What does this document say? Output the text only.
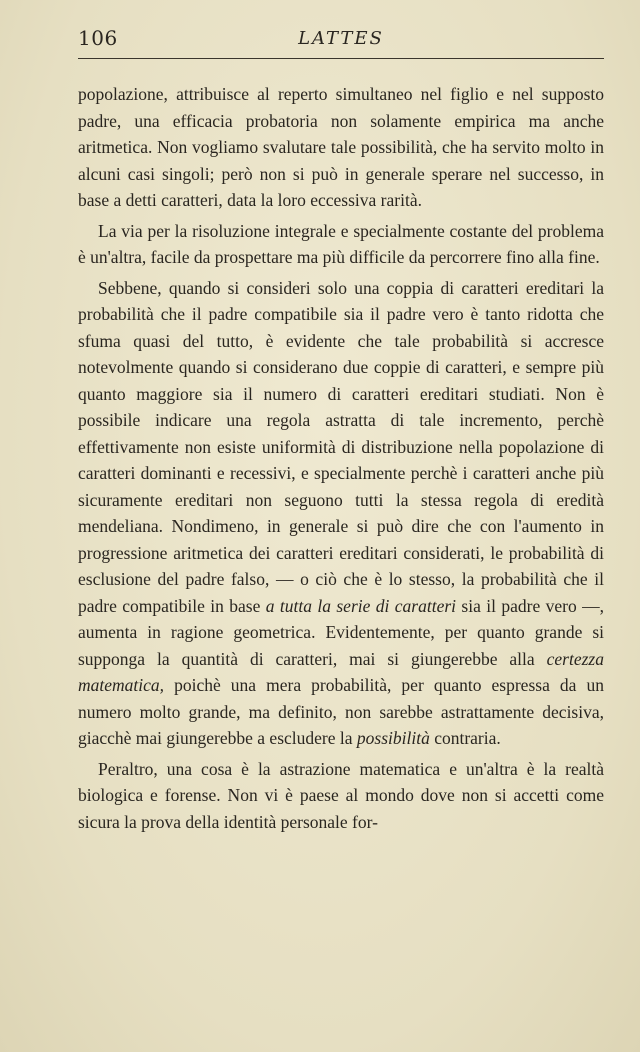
106	LATTES

popolazione, attribuisce al reperto simultaneo nel figlio e nel supposto padre, una efficacia probatoria non solamente empirica ma anche aritmetica. Non vogliamo svalutare tale possibilità, che ha servito molto in alcuni casi singoli; però non si può in generale sperare nel successo, in base a detti caratteri, data la loro eccessiva rarità.

La via per la risoluzione integrale e specialmente costante del problema è un'altra, facile da prospettare ma più difficile da percorrere fino alla fine.

Sebbene, quando si consideri solo una coppia di caratteri ereditari la probabilità che il padre compatibile sia il padre vero è tanto ridotta che sfuma quasi del tutto, è evidente che tale probabilità si accresce notevolmente quando si considerano due coppie di caratteri, e sempre più quanto maggiore sia il numero di caratteri ereditari studiati. Non è possibile indicare una regola astratta di tale incremento, perchè effettivamente non esiste uniformità di distribuzione nella popolazione di caratteri dominanti e recessivi, e specialmente perchè i caratteri anche più sicuramente ereditari non seguono tutti la stessa regola di eredità mendeliana. Nondimeno, in generale si può dire che con l'aumento in progressione aritmetica dei caratteri ereditari considerati, le probabilità di esclusione del padre falso, — o ciò che è lo stesso, la probabilità che il padre compatibile in base a tutta la serie di caratteri sia il padre vero —, aumenta in ragione geometrica. Evidentemente, per quanto grande si supponga la quantità di caratteri, mai si giungerebbe alla certezza matematica, poichè una mera probabilità, per quanto espressa da un numero molto grande, ma definito, non sarebbe astrattamente decisiva, giacchè mai giungerebbe a escludere la possibilità contraria.

Peraltro, una cosa è la astrazione matematica e un'altra è la realtà biologica e forense. Non vi è paese al mondo dove non si accetti come sicura la prova della identità personale for-
